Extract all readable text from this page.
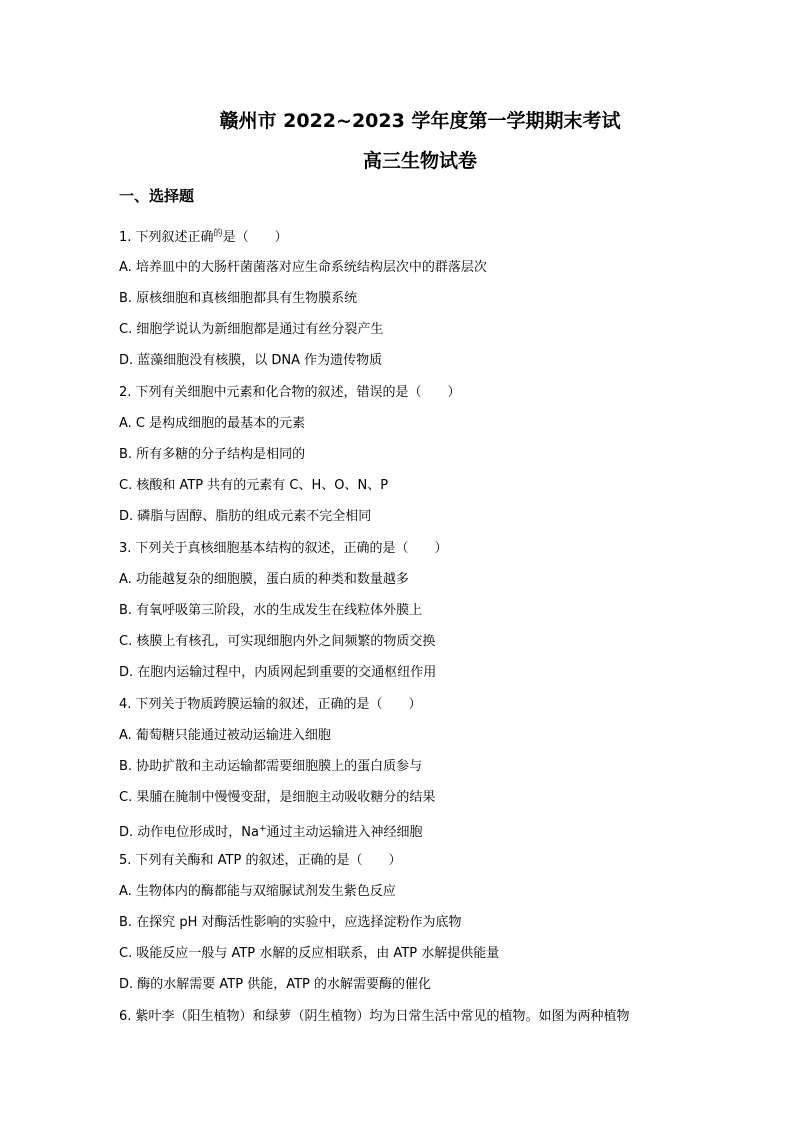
赣州市 2022~2023 学年度第一学期期末考试
高三生物试卷
一、选择题
1. 下列叙述正确$^的$是（　　）
A. 培养皿中的大肠杆菌菌落对应生命系统结构层次中的群落层次
B. 原核细胞和真核细胞都具有生物膜系统
C. 细胞学说认为新细胞都是通过有丝分裂产生
D. 蓝藻细胞没有核膜，以 DNA 作为遗传物质
2. 下列有关细胞中元素和化合物的叙述，错误的是（　　）
A. C 是构成细胞的最基本的元素
B. 所有多糖的分子结构是相同的
C. 核酸和 ATP 共有的元素有 C、H、O、N、P
D. 磷脂与固醇、脂肪的组成元素不完全相同
3. 下列关于真核细胞基本结构的叙述，正确的是（　　）
A. 功能越复杂的细胞膜，蛋白质的种类和数量越多
B. 有氧呼吸第三阶段，水的生成发生在线粒体外膜上
C. 核膜上有核孔，可实现细胞内外之间频繁的物质交换
D. 在胞内运输过程中，内质网起到重要的交通枢纽作用
4. 下列关于物质跨膜运输的叙述，正确的是（　　）
A. 葡萄糖只能通过被动运输进入细胞
B. 协助扩散和主动运输都需要细胞膜上的蛋白质参与
C. 果脯在腌制中慢慢变甜，是细胞主动吸收糖分的结果
D. 动作电位形成时，Na+通过主动运输进入神经细胞
5. 下列有关酶和 ATP 的叙述，正确的是（　　）
A. 生物体内的酶都能与双缩脲试剂发生紫色反应
B. 在探究 pH 对酶活性影响的实验中，应选择淀粉作为底物
C. 吸能反应一般与 ATP 水解的反应相联系，由 ATP 水解提供能量
D. 酶的水解需要 ATP 供能，ATP 的水解需要酶的催化
6. 紫叶李（阳生植物）和绿萝（阴生植物）均为日常生活中常见的植物。如图为两种植物
